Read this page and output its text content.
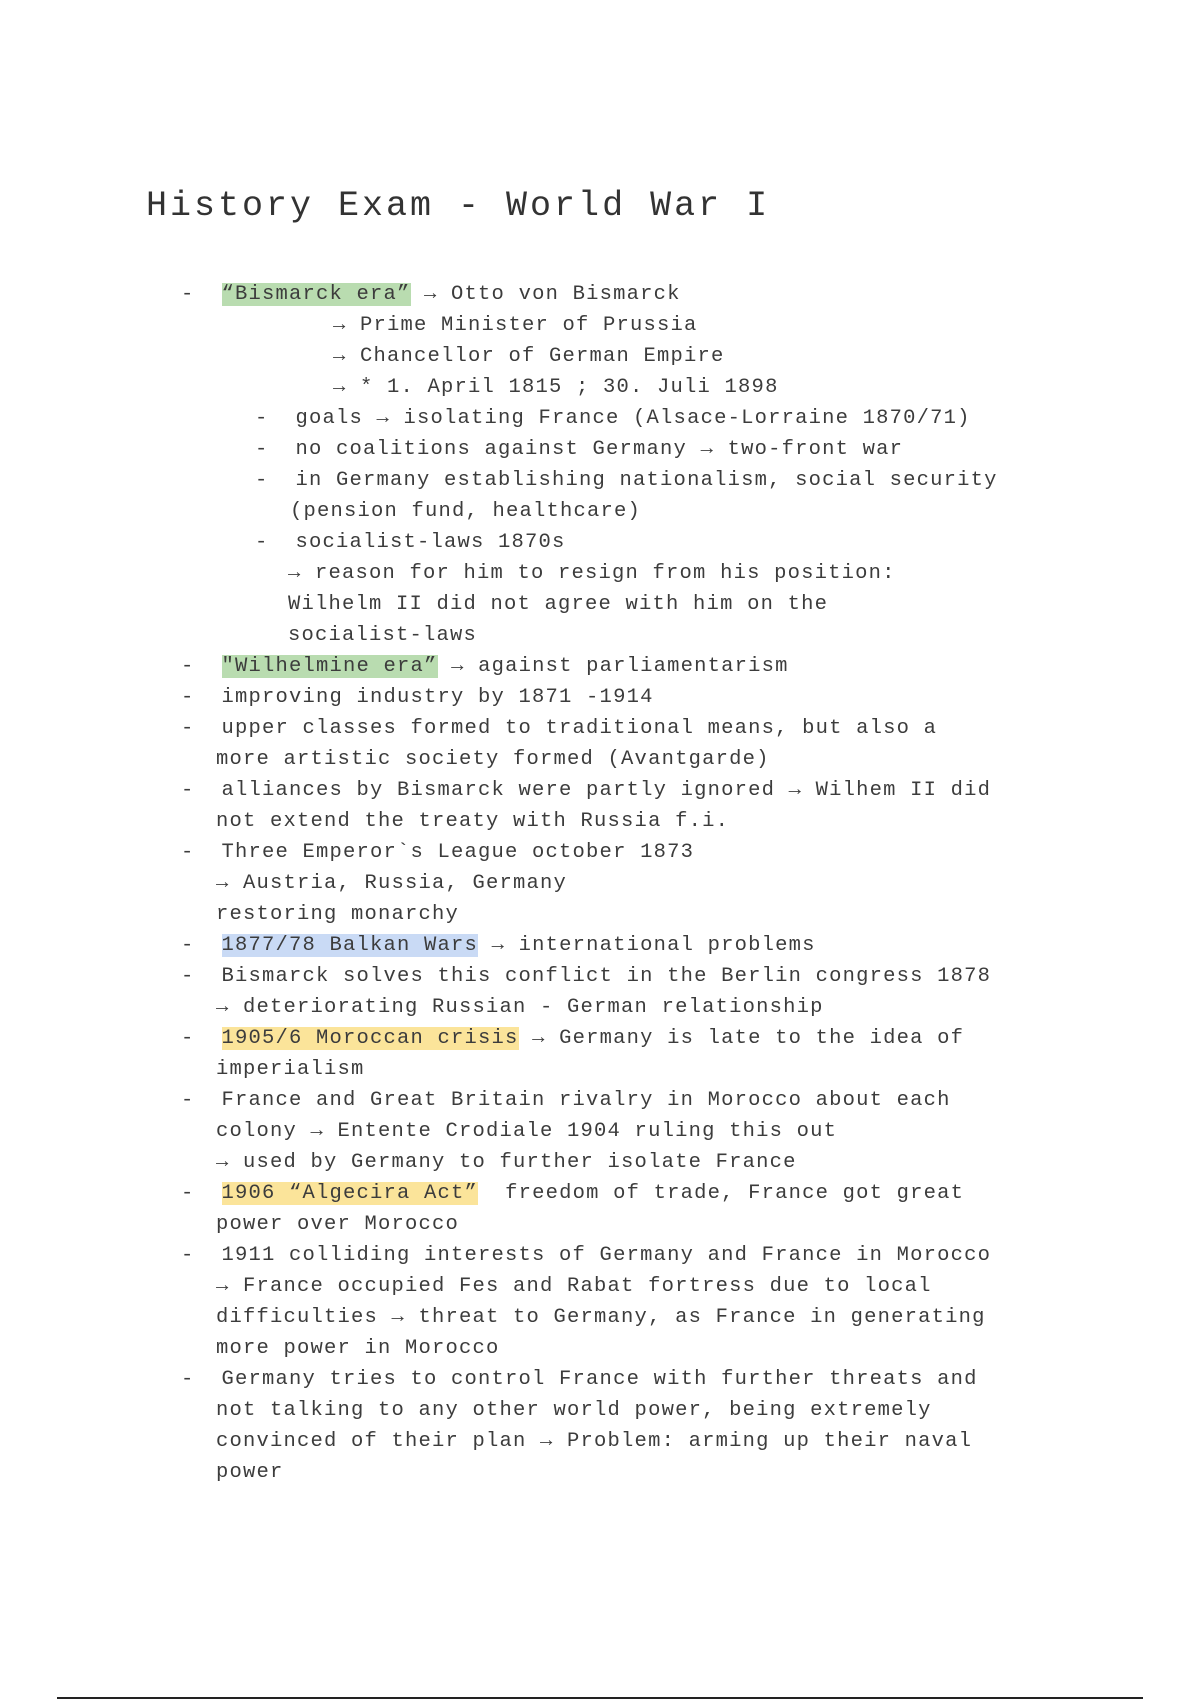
History Exam - World War I
-  “Bismarck era” → Otto von Bismarck
→ Prime Minister of Prussia
→ Chancellor of German Empire
→ * 1. April 1815 ; 30. Juli 1898
-  goals → isolating France (Alsace-Lorraine 1870/71)
-  no coalitions against Germany → two-front war
-  in Germany establishing nationalism, social security
(pension fund, healthcare)
-  socialist-laws 1870s
→ reason for him to resign from his position:
Wilhelm II did not agree with him on the
socialist-laws
-  "Wilhelmine era” → against parliamentarism
-  improving industry by 1871 -1914
-  upper classes formed to traditional means, but also a
more artistic society formed (Avantgarde)
-  alliances by Bismarck were partly ignored → Wilhem II did
not extend the treaty with Russia f.i.
-  Three Emperor`s League october 1873
→ Austria, Russia, Germany
restoring monarchy
-  1877/78 Balkan Wars → international problems
-  Bismarck solves this conflict in the Berlin congress 1878
→ deteriorating Russian - German relationship
-  1905/6 Moroccan crisis → Germany is late to the idea of
imperialism
-  France and Great Britain rivalry in Morocco about each
colony → Entente Crodiale 1904 ruling this out
→ used by Germany to further isolate France
-  1906 “Algecira Act”  freedom of trade, France got great
power over Morocco
-  1911 colliding interests of Germany and France in Morocco
→ France occupied Fes and Rabat fortress due to local
difficulties → threat to Germany, as France in generating
more power in Morocco
-  Germany tries to control France with further threats and
not talking to any other world power, being extremely
convinced of their plan → Problem: arming up their naval
power
